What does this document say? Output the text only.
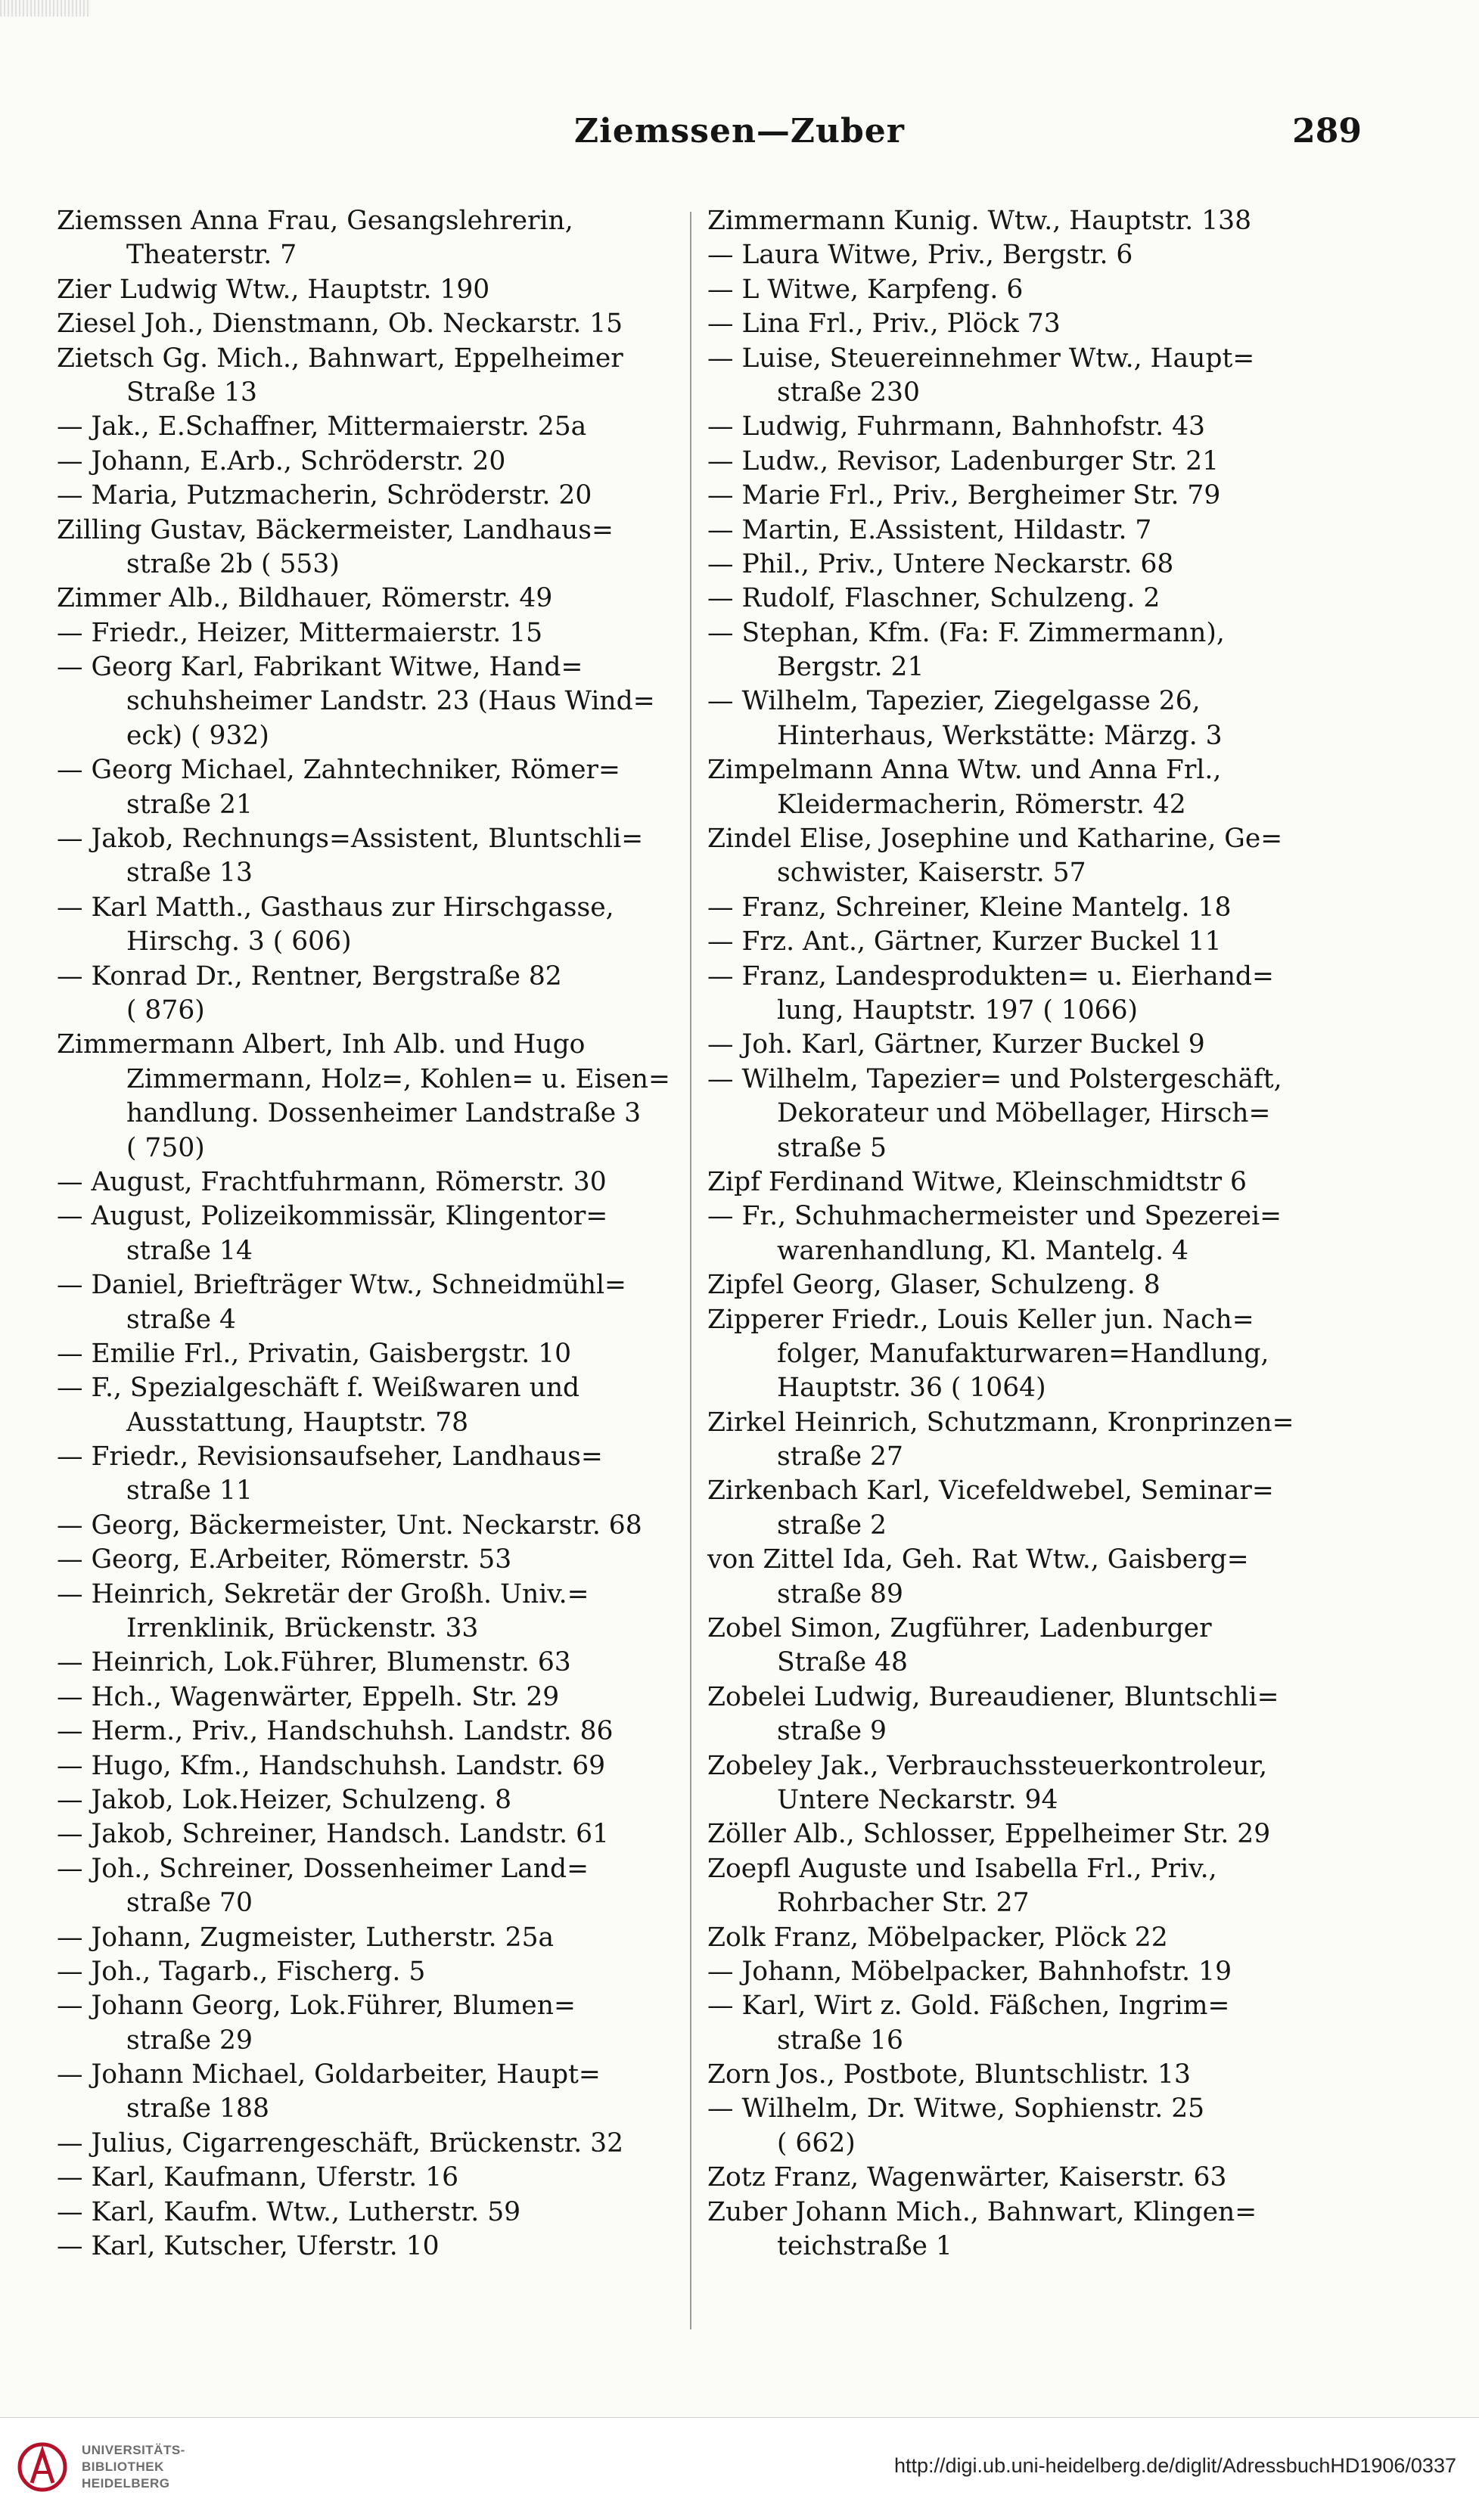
Ziemssen—Zuber	289
Ziemssen Anna Frau, Gesangslehrerin,
Theaterstr. 7
Zier Ludwig Wtw., Hauptstr. 190
Ziesel Joh., Dienstmann, Ob. Neckarstr. 15
Zietsch Gg. Mich., Bahnwart, Eppelheimer
Straße 13
— Jak., E.Schaffner, Mittermaierstr. 25a
— Johann, E.Arb., Schröderstr. 20
— Maria, Putzmacherin, Schröderstr. 20
Zilling Gustav, Bäckermeister, Landhaus=
straße 2b ( 553)
Zimmer Alb., Bildhauer, Römerstr. 49
— Friedr., Heizer, Mittermaierstr. 15
— Georg Karl, Fabrikant Witwe, Hand=
schuhsheimer Landstr. 23 (Haus Wind=
eck) ( 932)
— Georg Michael, Zahntechniker, Römer=
straße 21
— Jakob, Rechnungs=Assistent, Bluntschli=
straße 13
— Karl Matth., Gasthaus zur Hirschgasse,
Hirschg. 3 ( 606)
— Konrad Dr., Rentner, Bergstraße 82
( 876)
Zimmermann Albert, Inh Alb. und Hugo
Zimmermann, Holz=, Kohlen= u. Eisen=
handlung. Dossenheimer Landstraße 3
( 750)
— August, Frachtfuhrmann, Römerstr. 30
— August, Polizeikommissär, Klingentor=
straße 14
— Daniel, Briefträger Wtw., Schneidmühl=
straße 4
— Emilie Frl., Privatin, Gaisbergstr. 10
— F., Spezialgeschäft f. Weißwaren und
Ausstattung, Hauptstr. 78
— Friedr., Revisionsaufseher, Landhaus=
straße 11
— Georg, Bäckermeister, Unt. Neckarstr. 68
— Georg, E.Arbeiter, Römerstr. 53
— Heinrich, Sekretär der Großh. Univ.=
Irrenklinik, Brückenstr. 33
— Heinrich, Lok.Führer, Blumenstr. 63
— Hch., Wagenwärter, Eppelh. Str. 29
— Herm., Priv., Handschuhsh. Landstr. 86
— Hugo, Kfm., Handschuhsh. Landstr. 69
— Jakob, Lok.Heizer, Schulzeng. 8
— Jakob, Schreiner, Handsch. Landstr. 61
— Joh., Schreiner, Dossenheimer Land=
straße 70
— Johann, Zugmeister, Lutherstr. 25a
— Joh., Tagarb., Fischerg. 5
— Johann Georg, Lok.Führer, Blumen=
straße 29
— Johann Michael, Goldarbeiter, Haupt=
straße 188
— Julius, Cigarrengeschäft, Brückenstr. 32
— Karl, Kaufmann, Uferstr. 16
— Karl, Kaufm. Wtw., Lutherstr. 59
— Karl, Kutscher, Uferstr. 10
Zimmermann Kunig. Wtw., Hauptstr. 138
— Laura Witwe, Priv., Bergstr. 6
— L Witwe, Karpfeng. 6
— Lina Frl., Priv., Plöck 73
— Luise, Steuereinnehmer Wtw., Haupt=
straße 230
— Ludwig, Fuhrmann, Bahnhofstr. 43
— Ludw., Revisor, Ladenburger Str. 21
— Marie Frl., Priv., Bergheimer Str. 79
— Martin, E.Assistent, Hildastr. 7
— Phil., Priv., Untere Neckarstr. 68
— Rudolf, Flaschner, Schulzeng. 2
— Stephan, Kfm. (Fa: F. Zimmermann),
Bergstr. 21
— Wilhelm, Tapezier, Ziegelgasse 26,
Hinterhaus, Werkstätte: Märzg. 3
Zimpelmann Anna Wtw. und Anna Frl.,
Kleidermacherin, Römerstr. 42
Zindel Elise, Josephine und Katharine, Ge=
schwister, Kaiserstr. 57
— Franz, Schreiner, Kleine Mantelg. 18
— Frz. Ant., Gärtner, Kurzer Buckel 11
— Franz, Landesprodukten= u. Eierhand=
lung, Hauptstr. 197 ( 1066)
— Joh. Karl, Gärtner, Kurzer Buckel 9
— Wilhelm, Tapezier= und Polstergeschäft,
Dekorateur und Möbellager, Hirsch=
straße 5
Zipf Ferdinand Witwe, Kleinschmidtstr 6
— Fr., Schuhmachermeister und Spezerei=
warenhandlung, Kl. Mantelg. 4
Zipfel Georg, Glaser, Schulzeng. 8
Zipperer Friedr., Louis Keller jun. Nach=
folger, Manufakturwaren=Handlung,
Hauptstr. 36 ( 1064)
Zirkel Heinrich, Schutzmann, Kronprinzen=
straße 27
Zirkenbach Karl, Vicefeldwebel, Seminar=
straße 2
von Zittel Ida, Geh. Rat Wtw., Gaisberg=
straße 89
Zobel Simon, Zugführer, Ladenburger
Straße 48
Zobelei Ludwig, Bureaudiener, Bluntschli=
straße 9
Zobeley Jak., Verbrauchssteuerkontroleur,
Untere Neckarstr. 94
Zöller Alb., Schlosser, Eppelheimer Str. 29
Zoepfl Auguste und Isabella Frl., Priv.,
Rohrbacher Str. 27
Zolk Franz, Möbelpacker, Plöck 22
— Johann, Möbelpacker, Bahnhofstr. 19
— Karl, Wirt z. Gold. Fäßchen, Ingrim=
straße 16
Zorn Jos., Postbote, Bluntschlistr. 13
— Wilhelm, Dr. Witwe, Sophienstr. 25
( 662)
Zotz Franz, Wagenwärter, Kaiserstr. 63
Zuber Johann Mich., Bahnwart, Klingen=
teichstraße 1
UNIVERSITÄTS-
BIBLIOTHEK
HEIDELBERG
http://digi.ub.uni-heidelberg.de/diglit/AdressbuchHD1906/0337
